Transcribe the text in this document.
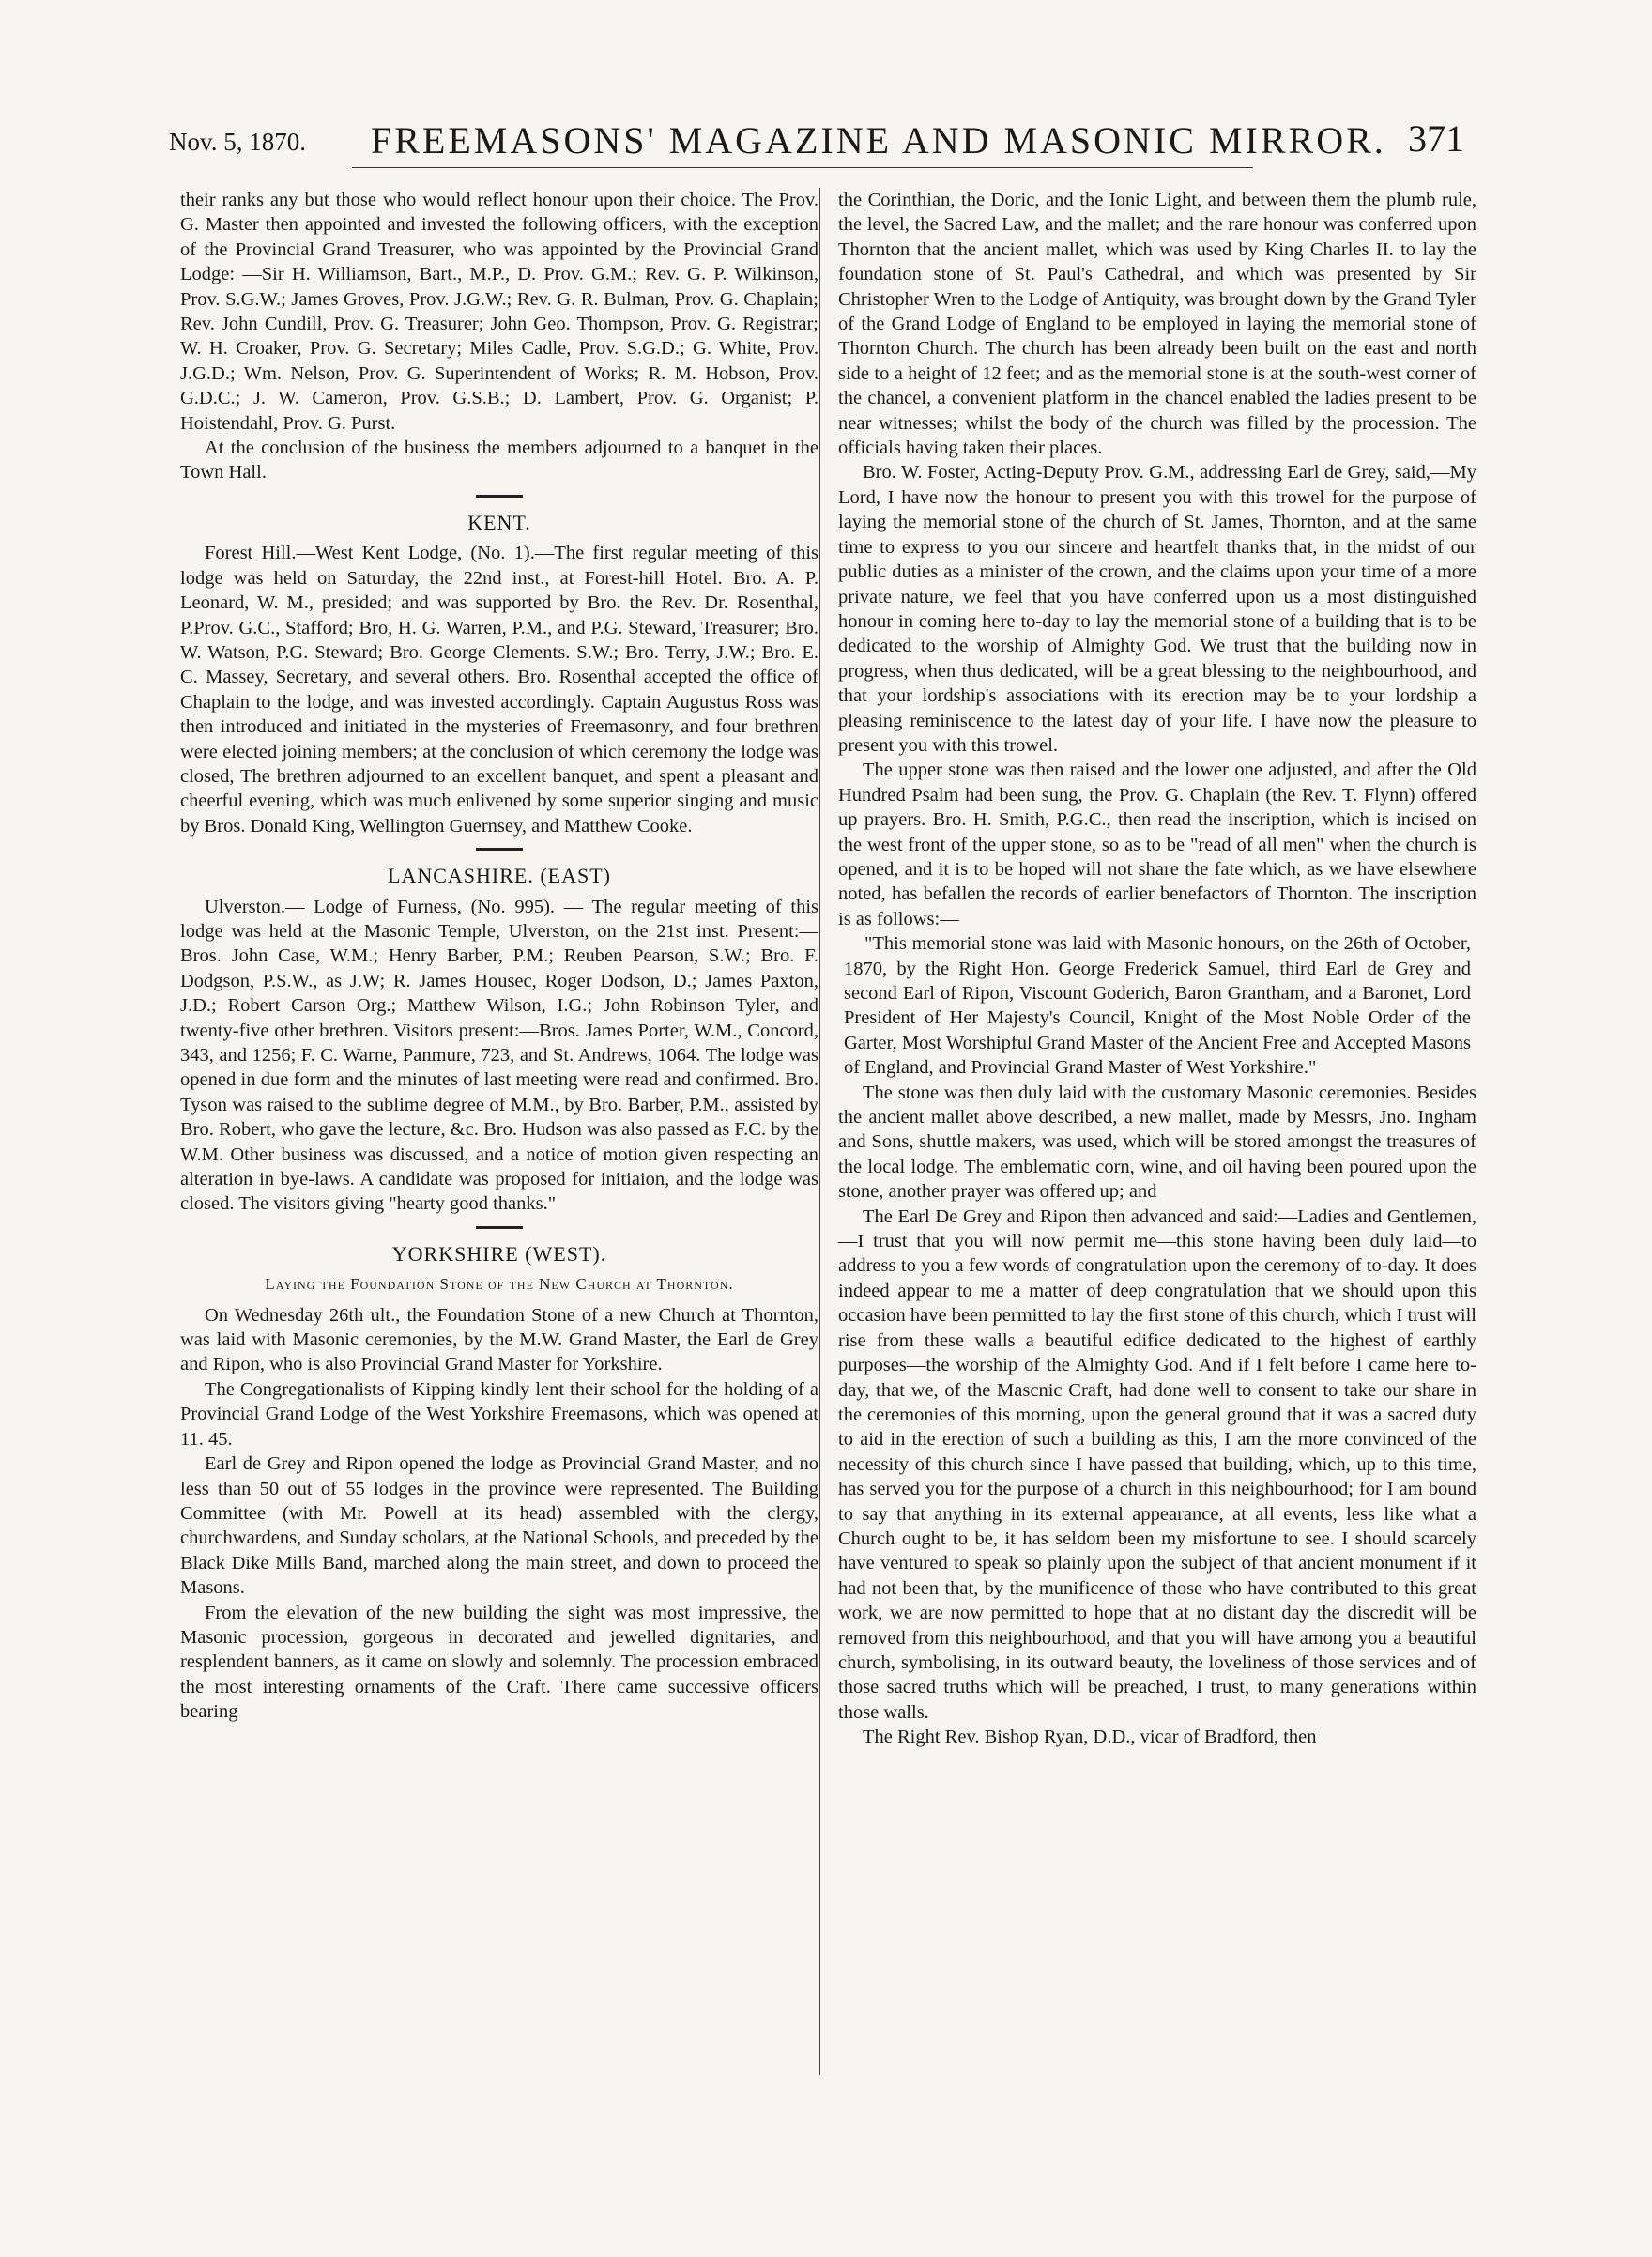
Nov. 5, 1870. FREEMASONS' MAGAZINE AND MASONIC MIRROR. 371

their ranks any but those who would reflect honour upon their choice. The Prov. G. Master then appointed and invested the following officers, with the exception of the Provincial Grand Treasurer, who was appointed by the Provincial Grand Lodge: —Sir H. Williamson, Bart., M.P., D. Prov. G.M.; Rev. G. P. Wilkinson, Prov. S.G.W.; James Groves, Prov. J.G.W.; Rev. G. R. Bulman, Prov. G. Chaplain; Rev. John Cundill, Prov. G. Treasurer; John Geo. Thompson, Prov. G. Registrar; W. H. Croaker, Prov. G. Secretary; Miles Cadle, Prov. S.G.D.; G. White, Prov. J.G.D.; Wm. Nelson, Prov. G. Superintendent of Works; R. M. Hobson, Prov. G.D.C.; J. W. Cameron, Prov. G.S.B.; D. Lambert, Prov. G. Organist; P. Hoistendahl, Prov. G. Purst.

At the conclusion of the business the members adjourned to a banquet in the Town Hall.

KENT.

Forest Hill.—West Kent Lodge, (No. 1).—The first regular meeting of this lodge was held on Saturday, the 22nd inst., at Forest-hill Hotel. Bro. A. P. Leonard, W. M., presided; and was supported by Bro. the Rev. Dr. Rosenthal, P.Prov. G.C., Stafford; Bro, H. G. Warren, P.M., and P.G. Steward, Treasurer; Bro. W. Watson, P.G. Steward; Bro. George Clements. S.W.; Bro. Terry, J.W.; Bro. E. C. Massey, Secretary, and several others. Bro. Rosenthal accepted the office of Chaplain to the lodge, and was invested accordingly. Captain Augustus Ross was then introduced and initiated in the mysteries of Freemasonry, and four brethren were elected joining members; at the conclusion of which ceremony the lodge was closed, The brethren adjourned to an excellent banquet, and spent a pleasant and cheerful evening, which was much enlivened by some superior singing and music by Bros. Donald King, Wellington Guernsey, and Matthew Cooke.

LANCASHIRE. (EAST)

Ulverston.— Lodge of Furness, (No. 995). — The regular meeting of this lodge was held at the Masonic Temple, Ulverston, on the 21st inst. Present:— Bros. John Case, W.M.; Henry Barber, P.M.; Reuben Pearson, S.W.; Bro. F. Dodgson, P.S.W., as J.W; R. James Housec, Roger Dodson, D.; James Paxton, J.D.; Robert Carson Org.; Matthew Wilson, I.G.; John Robinson Tyler, and twenty-five other brethren. Visitors present:—Bros. James Porter, W.M., Concord, 343, and 1256; F. C. Warne, Panmure, 723, and St. Andrews, 1064. The lodge was opened in due form and the minutes of last meeting were read and confirmed. Bro. Tyson was raised to the sublime degree of M.M., by Bro. Barber, P.M., assisted by Bro. Robert, who gave the lecture, &c. Bro. Hudson was also passed as F.C. by the W.M. Other business was discussed, and a notice of motion given respecting an alteration in bye-laws. A candidate was proposed for initiaion, and the lodge was closed. The visitors giving "hearty good thanks."

YORKSHIRE (WEST).
Laying the Foundation Stone of the New Church at Thornton.

On Wednesday 26th ult., the Foundation Stone of a new Church at Thornton, was laid with Masonic ceremonies, by the M.W. Grand Master, the Earl de Grey and Ripon, who is also Provincial Grand Master for Yorkshire.

The Congregationalists of Kipping kindly lent their school for the holding of a Provincial Grand Lodge of the West Yorkshire Freemasons, which was opened at 11. 45.

Earl de Grey and Ripon opened the lodge as Provincial Grand Master, and no less than 50 out of 55 lodges in the province were represented. The Building Committee (with Mr. Powell at its head) assembled with the clergy, churchwardens, and Sunday scholars, at the National Schools, and preceded by the Black Dike Mills Band, marched along the main street, and down to proceed the Masons.

From the elevation of the new building the sight was most impressive, the Masonic procession, gorgeous in decorated and jewelled dignitaries, and resplendent banners, as it came on slowly and solemnly. The procession embraced the most interesting ornaments of the Craft. There came successive officers bearing

the Corinthian, the Doric, and the Ionic Light, and between them the plumb rule, the level, the Sacred Law, and the mallet; and the rare honour was conferred upon Thornton that the ancient mallet, which was used by King Charles II. to lay the foundation stone of St. Paul's Cathedral, and which was presented by Sir Christopher Wren to the Lodge of Antiquity, was brought down by the Grand Tyler of the Grand Lodge of England to be employed in laying the memorial stone of Thornton Church. The church has been already been built on the east and north side to a height of 12 feet; and as the memorial stone is at the south-west corner of the chancel, a convenient platform in the chancel enabled the ladies present to be near witnesses; whilst the body of the church was filled by the procession. The officials having taken their places.

Bro. W. Foster, Acting-Deputy Prov. G.M., addressing Earl de Grey, said,—My Lord, I have now the honour to present you with this trowel for the purpose of laying the memorial stone of the church of St. James, Thornton, and at the same time to express to you our sincere and heartfelt thanks that, in the midst of our public duties as a minister of the crown, and the claims upon your time of a more private nature, we feel that you have conferred upon us a most distinguished honour in coming here to-day to lay the memorial stone of a building that is to be dedicated to the worship of Almighty God. We trust that the building now in progress, when thus dedicated, will be a great blessing to the neighbourhood, and that your lordship's associations with its erection may be to your lordship a pleasing reminiscence to the latest day of your life. I have now the pleasure to present you with this trowel.

The upper stone was then raised and the lower one adjusted, and after the Old Hundred Psalm had been sung, the Prov. G. Chaplain (the Rev. T. Flynn) offered up prayers. Bro. H. Smith, P.G.C., then read the inscription, which is incised on the west front of the upper stone, so as to be "read of all men" when the church is opened, and it is to be hoped will not share the fate which, as we have elsewhere noted, has befallen the records of earlier benefactors of Thornton. The inscription is as follows:—

"This memorial stone was laid with Masonic honours, on the 26th of October, 1870, by the Right Hon. George Frederick Samuel, third Earl de Grey and second Earl of Ripon, Viscount Goderich, Baron Grantham, and a Baronet, Lord President of Her Majesty's Council, Knight of the Most Noble Order of the Garter, Most Worshipful Grand Master of the Ancient Free and Accepted Masons of England, and Provincial Grand Master of West Yorkshire."

The stone was then duly laid with the customary Masonic ceremonies. Besides the ancient mallet above described, a new mallet, made by Messrs, Jno. Ingham and Sons, shuttle makers, was used, which will be stored amongst the treasures of the local lodge. The emblematic corn, wine, and oil having been poured upon the stone, another prayer was offered up; and

The Earl De Grey and Ripon then advanced and said:—Ladies and Gentlemen,—I trust that you will now permit me—this stone having been duly laid—to address to you a few words of congratulation upon the ceremony of to-day. It does indeed appear to me a matter of deep congratulation that we should upon this occasion have been permitted to lay the first stone of this church, which I trust will rise from these walls a beautiful edifice dedicated to the highest of earthly purposes—the worship of the Almighty God. And if I felt before I came here to-day, that we, of the Mascnic Craft, had done well to consent to take our share in the ceremonies of this morning, upon the general ground that it was a sacred duty to aid in the erection of such a building as this, I am the more convinced of the necessity of this church since I have passed that building, which, up to this time, has served you for the purpose of a church in this neighbourhood; for I am bound to say that anything in its external appearance, at all events, less like what a Church ought to be, it has seldom been my misfortune to see. I should scarcely have ventured to speak so plainly upon the subject of that ancient monument if it had not been that, by the munificence of those who have contributed to this great work, we are now permitted to hope that at no distant day the discredit will be removed from this neighbourhood, and that you will have among you a beautiful church, symbolising, in its outward beauty, the loveliness of those services and of those sacred truths which will be preached, I trust, to many generations within those walls.

The Right Rev. Bishop Ryan, D.D., vicar of Bradford, then
